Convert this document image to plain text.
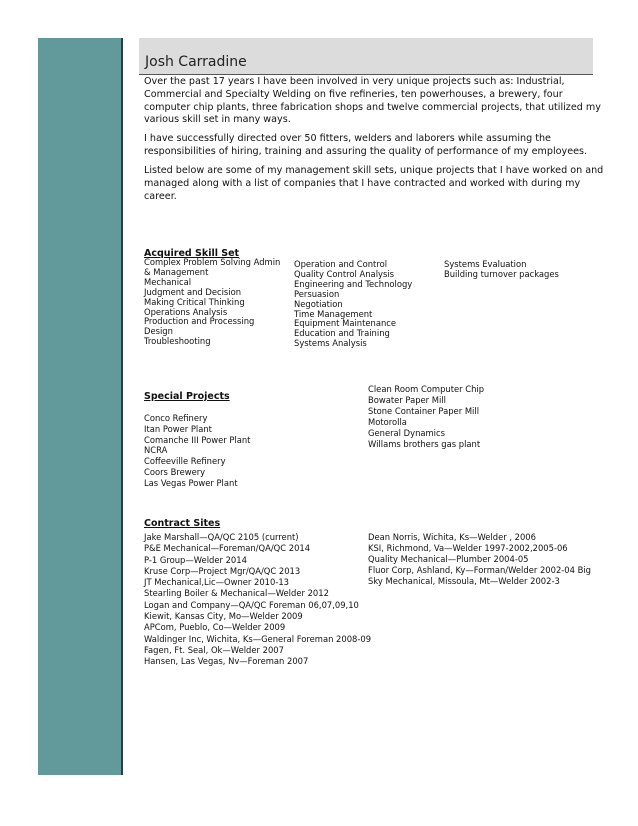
Josh Carradine

Over the past 17 years I have been involved in very unique projects such as: Industrial, Commercial and Specialty Welding on five refineries, ten powerhouses, a brewery, four computer chip plants, three fabrication shops and twelve commercial projects, that utilized my various skill set in many ways.

I have successfully directed over 50 fitters, welders and laborers while assuming the responsibilities of hiring, training and assuring the quality of performance of my employees.

Listed below are some of my management skill sets, unique projects that I have worked on and managed along with a list of companies that I have contracted and worked with during my career.

Acquired Skill Set
Complex Problem Solving Admin
& Management
Mechanical
Judgment and Decision
Making Critical Thinking
Operations Analysis
Production and Processing
Design
Troubleshooting
Operation and Control
Quality Control Analysis
Engineering and Technology
Persuasion
Negotiation
Time Management
Equipment Maintenance
Education and Training
Systems Analysis
Systems Evaluation
Building turnover packages
Special Projects
Conco Refinery
Itan Power Plant
Comanche III Power Plant
NCRA
Coffeeville Refinery
Coors Brewery
Las Vegas Power Plant
Clean Room Computer Chip
Bowater Paper Mill
Stone Container Paper Mill
Motorolla
General Dynamics
Willams brothers gas plant
Contract Sites
Jake Marshall—QA/QC 2105 (current)
P&E Mechanical—Foreman/QA/QC 2014
P-1 Group—Welder 2014
Kruse Corp—Project Mgr/QA/QC 2013
JT Mechanical,Lic—Owner 2010-13
Stearling Boiler & Mechanical—Welder 2012
Logan and Company—QA/QC Foreman 06,07,09,10
Kiewit, Kansas City, Mo—Welder 2009
APCom, Pueblo, Co—Welder 2009
Waldinger Inc, Wichita, Ks—General Foreman 2008-09
Fagen, Ft. Seal, Ok—Welder 2007
Hansen, Las Vegas, Nv—Foreman 2007
Dean Norris, Wichita, Ks—Welder , 2006
KSI, Richmond, Va—Welder 1997-2002,2005-06
Quality Mechanical—Plumber 2004-05
Fluor Corp, Ashland, Ky—Forman/Welder 2002-04 Big
Sky Mechanical, Missoula, Mt—Welder 2002-3
